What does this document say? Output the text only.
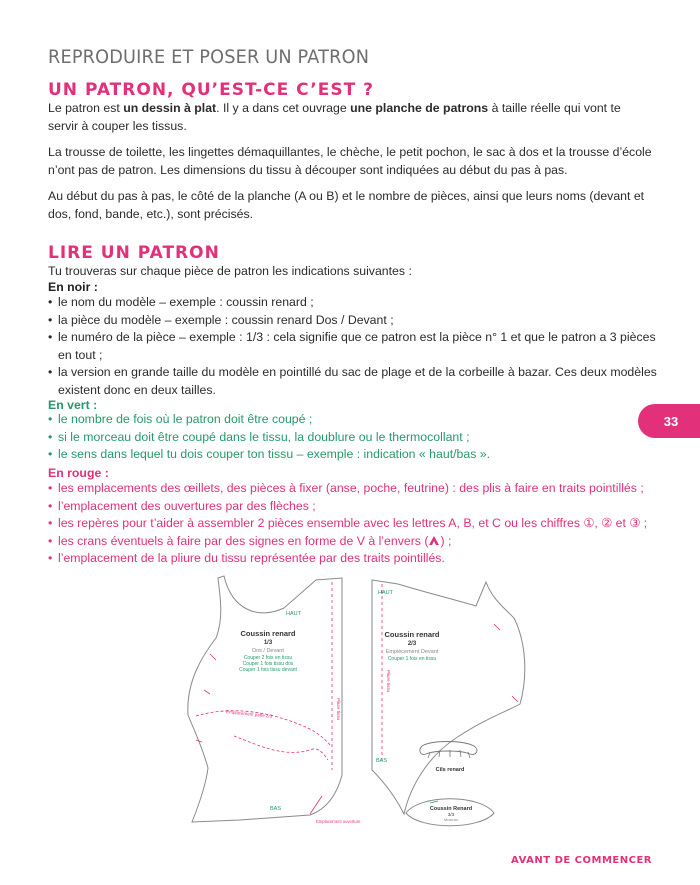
REPRODUIRE ET POSER UN PATRON
UN PATRON, QU’EST-CE C’EST ?

Le patron est un dessin à plat. Il y a dans cet ouvrage une planche de patrons à taille réelle qui vont te servir à couper les tissus.

La trousse de toilette, les lingettes démaquillantes, le chèche, le petit pochon, le sac à dos et la trousse d’école n’ont pas de patron. Les dimensions du tissu à découper sont indiquées au début du pas à pas.

Au début du pas à pas, le côté de la planche (A ou B) et le nombre de pièces, ainsi que leurs noms (devant et dos, fond, bande, etc.), sont précisés.

LIRE UN PATRON
Tu trouveras sur chaque pièce de patron les indications suivantes :

En noir :

• le nom du modèle – exemple : coussin renard ;
• la pièce du modèle – exemple : coussin renard Dos / Devant ;
• le numéro de la pièce – exemple : 1/3 : cela signifie que ce patron est la pièce n° 1 et que le patron a 3 pièces en tout ;
• la version en grande taille du modèle en pointillé du sac de plage et de la corbeille à bazar. Ces deux modèles existent donc en deux tailles.

En vert :

• le nombre de fois où le patron doit être coupé ;
• si le morceau doit être coupé dans le tissu, la doublure ou le thermocollant ;
• le sens dans lequel tu dois couper ton tissu – exemple : indication « haut/bas ».

En rouge :

• les emplacements des œillets, des pièces à fixer (anse, poche, feutrine) : des plis à faire en traits pointillés ;
• l’emplacement des ouvertures par des flèches ;
• les repères pour t’aider à assembler 2 pièces ensemble avec les lettres A, B, et C ou les chiffres ①, ② et ③ ;
• les crans éventuels à faire par des signes en forme de V à l’envers ( ) ;
• l’emplacement de la pliure du tissu représentée par des traits pointillés.
33
HAUT
Coussin renard
1/3
Dos / Devant
Couper 2 fois en tissu
Couper 1 fois tissu dos
Couper 1 fois tissu devant
Emplacement patte 2/3	Pliure tissu
BAS
Emplacement ouverture
HAUT
Coussin renard
2/3
Empiècement Devant
Couper 1 fois en tissu
Pliure tissu
BAS
Cils renard
Coussin Renard
3/3
Museau
AVANT DE COMMENCER
